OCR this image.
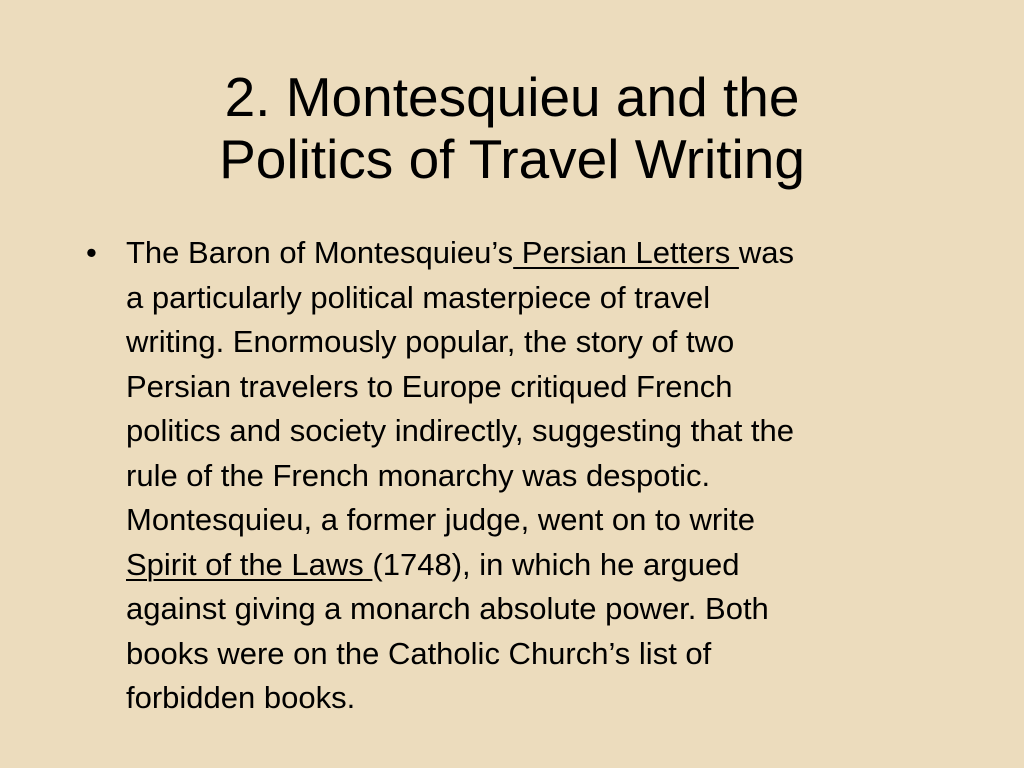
2. Montesquieu and the
Politics of Travel Writing
• The Baron of Montesquieu’s Persian Letters was
a particularly political masterpiece of travel
writing. Enormously popular, the story of two
Persian travelers to Europe critiqued French
politics and society indirectly, suggesting that the
rule of the French monarchy was despotic.
Montesquieu, a former judge, went on to write
Spirit of the Laws (1748), in which he argued
against giving a monarch absolute power. Both
books were on the Catholic Church’s list of
forbidden books.
